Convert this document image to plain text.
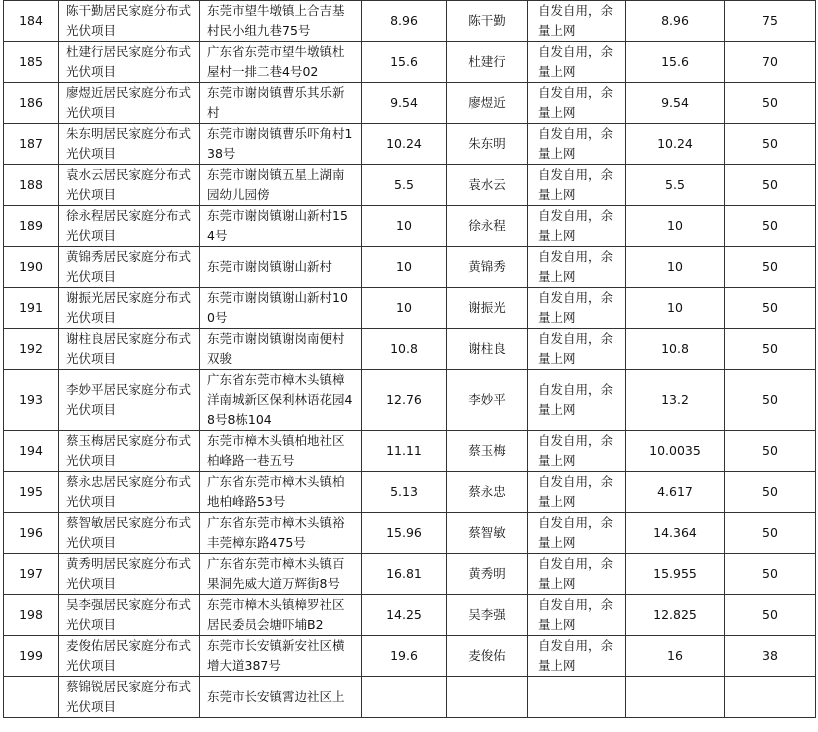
184	陈干勤居民家庭分布式光伏项目	东莞市望牛墩镇上合吉基村民小组九巷75号	8.96	陈干勤	自发自用，余量上网	8.96	75
185	杜建行居民家庭分布式光伏项目	广东省东莞市望牛墩镇杜屋村一排二巷4号02	15.6	杜建行	自发自用，余量上网	15.6	70
186	廖煜近居民家庭分布式光伏项目	东莞市谢岗镇曹乐其乐新村	9.54	廖煜近	自发自用，余量上网	9.54	50
187	朱东明居民家庭分布式光伏项目	东莞市谢岗镇曹乐吓角村138号	10.24	朱东明	自发自用，余量上网	10.24	50
188	袁水云居民家庭分布式光伏项目	东莞市谢岗镇五星上湖南园幼儿园傍	5.5	袁水云	自发自用，余量上网	5.5	50
189	徐永程居民家庭分布式光伏项目	东莞市谢岗镇谢山新村154号	10	徐永程	自发自用，余量上网	10	50
190	黄锦秀居民家庭分布式光伏项目	东莞市谢岗镇谢山新村	10	黄锦秀	自发自用，余量上网	10	50
191	谢振光居民家庭分布式光伏项目	东莞市谢岗镇谢山新村100号	10	谢振光	自发自用，余量上网	10	50
192	谢柱良居民家庭分布式光伏项目	东莞市谢岗镇谢岗南便村双骏	10.8	谢柱良	自发自用，余量上网	10.8	50
193	李妙平居民家庭分布式光伏项目	广东省东莞市樟木头镇樟洋南城新区保利林语花园48号8栋104	12.76	李妙平	自发自用，余量上网	13.2	50
194	蔡玉梅居民家庭分布式光伏项目	东莞市樟木头镇柏地社区柏峰路一巷五号	11.11	蔡玉梅	自发自用，余量上网	10.0035	50
195	蔡永忠居民家庭分布式光伏项目	广东省东莞市樟木头镇柏地柏峰路53号	5.13	蔡永忠	自发自用，余量上网	4.617	50
196	蔡智敏居民家庭分布式光伏项目	广东省东莞市樟木头镇裕丰莞樟东路475号	15.96	蔡智敏	自发自用，余量上网	14.364	50
197	黄秀明居民家庭分布式光伏项目	广东省东莞市樟木头镇百果洞先威大道万辉街8号	16.81	黄秀明	自发自用，余量上网	15.955	50
198	吴李强居民家庭分布式光伏项目	东莞市樟木头镇樟罗社区居民委员会塘吓埔B2	14.25	吴李强	自发自用，余量上网	12.825	50
199	麦俊佑居民家庭分布式光伏项目	东莞市长安镇新安社区横增大道387号	19.6	麦俊佑	自发自用，余量上网	16	38
	蔡锦锐居民家庭分布式光伏项目	东莞市长安镇霄边社区上					
